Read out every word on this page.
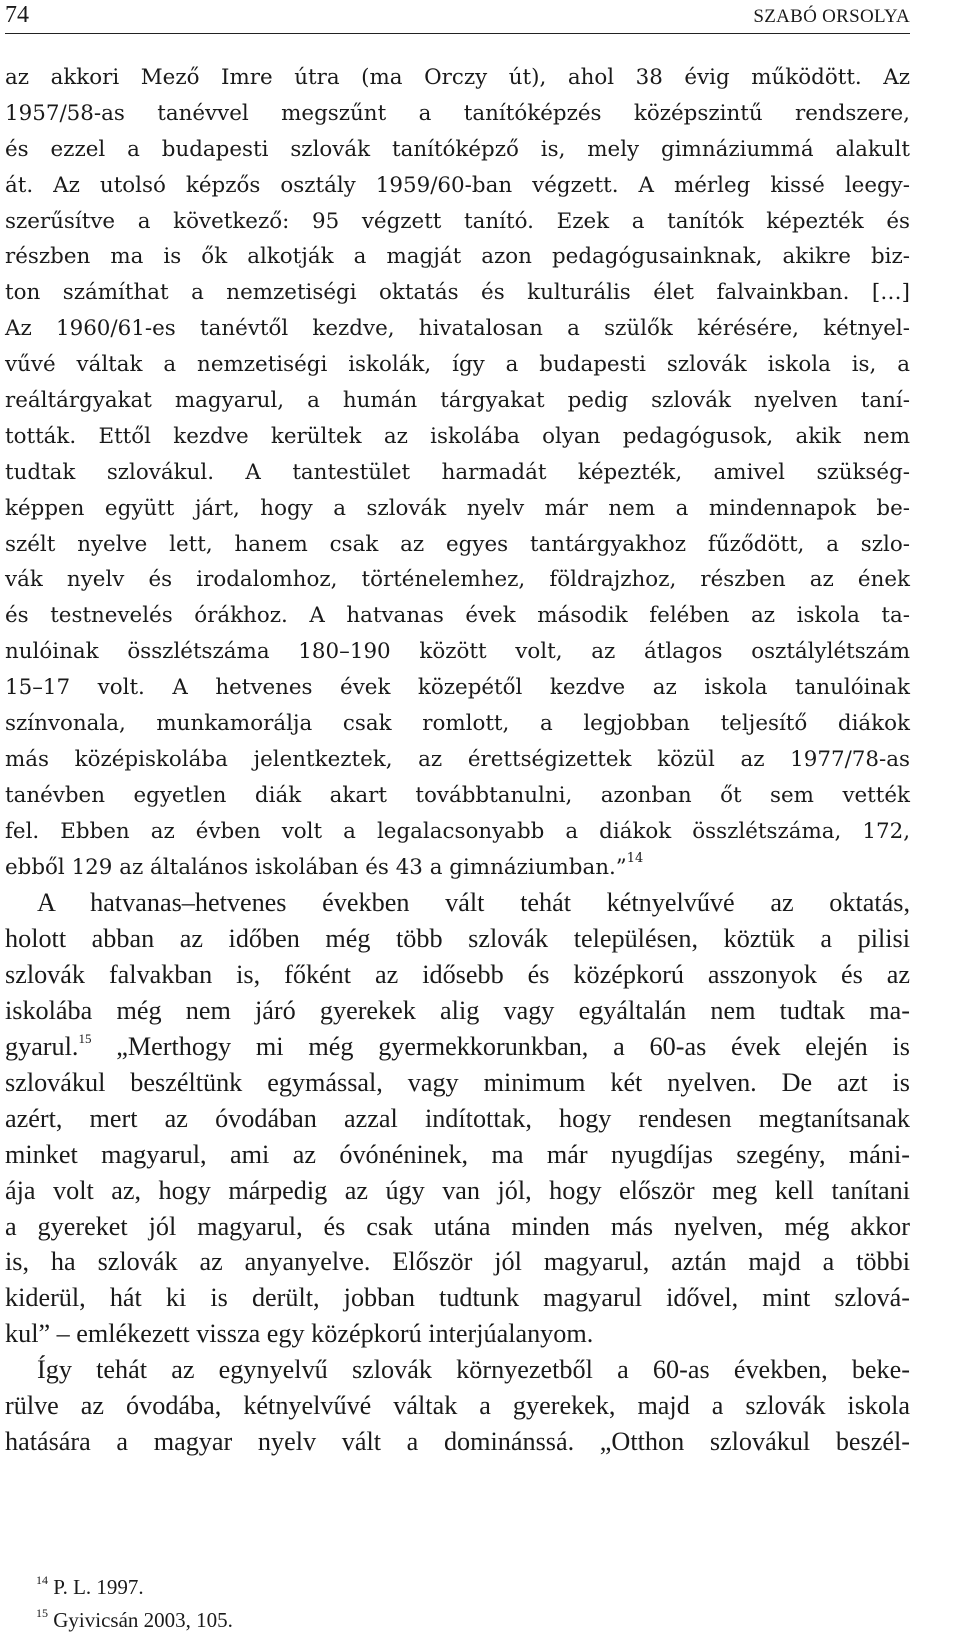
74	SZABÓ ORSOLYA
az akkori Mező Imre útra (ma Orczy út), ahol 38 évig működött. Az
1957/58-as tanévvel megszűnt a tanítóképzés középszintű rendszere,
és ezzel a budapesti szlovák tanítóképző is, mely gimnáziummá alakult
át. Az utolsó képzős osztály 1959/60-ban végzett. A mérleg kissé leegy-
szerűsítve a következő: 95 végzett tanító. Ezek a tanítók képezték és
részben ma is ők alkotják a magját azon pedagógusainknak, akikre biz-
ton számíthat a nemzetiségi oktatás és kulturális élet falvainkban. […]
Az 1960/61-es tanévtől kezdve, hivatalosan a szülők kérésére, kétnyel-
vűvé váltak a nemzetiségi iskolák, így a budapesti szlovák iskola is, a
reáltárgyakat magyarul, a humán tárgyakat pedig szlovák nyelven taní-
tották. Ettől kezdve kerültek az iskolába olyan pedagógusok, akik nem
tudtak szlovákul. A tantestület harmadát képezték, amivel szükség-
képpen együtt járt, hogy a szlovák nyelv már nem a mindennapok be-
szélt nyelve lett, hanem csak az egyes tantárgyakhoz fűződött, a szlo-
vák nyelv és irodalomhoz, történelemhez, földrajzhoz, részben az ének
és testnevelés órákhoz. A hatvanas évek második felében az iskola ta-
nulóinak összlétszáma 180–190 között volt, az átlagos osztálylétszám
15–17 volt. A hetvenes évek közepétől kezdve az iskola tanulóinak
színvonala, munkamorálja csak romlott, a legjobban teljesítő diákok
más középiskolába jelentkeztek, az érettségizettek közül az 1977/78-as
tanévben egyetlen diák akart továbbtanulni, azonban őt sem vették
fel. Ebben az évben volt a legalacsonyabb a diákok összlétszáma, 172,
ebből 129 az általános iskolában és 43 a gimnáziumban.”$^{14}$
A hatvanas–hetvenes években vált tehát kétnyelvűvé az oktatás,
holott abban az időben még több szlovák településen, köztük a pilisi
szlovák falvakban is, főként az idősebb és középkorú asszonyok és az
iskolába még nem járó gyerekek alig vagy egyáltalán nem tudtak ma-
gyarul.$^{15}$ „Merthogy mi még gyermekkorunkban, a 60-as évek elején is
szlovákul beszéltünk egymással, vagy minimum két nyelven. De azt is
azért, mert az óvodában azzal indítottak, hogy rendesen megtanítsanak
minket magyarul, ami az óvónéninek, ma már nyugdíjas szegény, máni-
ája volt az, hogy márpedig az úgy van jól, hogy először meg kell tanítani
a gyereket jól magyarul, és csak utána minden más nyelven, még akkor
is, ha szlovák az anyanyelve. Először jól magyarul, aztán majd a többi
kiderül, hát ki is derült, jobban tudtunk magyarul idővel, mint szlová-
kul” – emlékezett vissza egy középkorú interjúalanyom.
Így tehát az egynyelvű szlovák környezetből a 60-as években, beke-
rülve az óvodába, kétnyelvűvé váltak a gyerekek, majd a szlovák iskola
hatására a magyar nyelv vált a dominánssá. „Otthon szlovákul beszél-
$^{14}$ P. L. 1997.
$^{15}$ Gyivicsán 2003, 105.
